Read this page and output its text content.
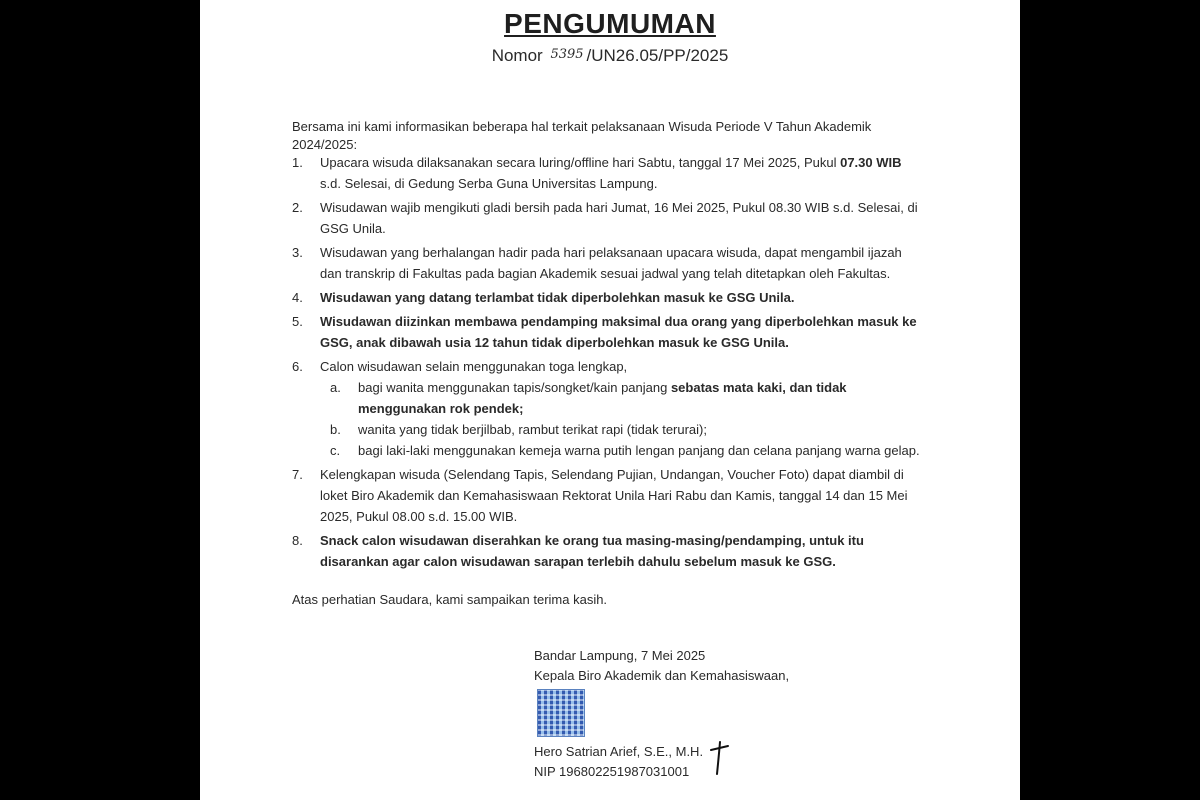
PENGUMUMAN
Nomor 5395 /UN26.05/PP/2025
Bersama ini kami informasikan beberapa hal terkait pelaksanaan Wisuda Periode V Tahun Akademik 2024/2025:
1. Upacara wisuda dilaksanakan secara luring/offline hari Sabtu, tanggal 17 Mei 2025, Pukul 07.30 WIB s.d. Selesai, di Gedung Serba Guna Universitas Lampung.
2. Wisudawan wajib mengikuti gladi bersih pada hari Jumat, 16 Mei 2025, Pukul 08.30 WIB s.d. Selesai, di GSG Unila.
3. Wisudawan yang berhalangan hadir pada hari pelaksanaan upacara wisuda, dapat mengambil ijazah dan transkrip di Fakultas pada bagian Akademik sesuai jadwal yang telah ditetapkan oleh Fakultas.
4. Wisudawan yang datang terlambat tidak diperbolehkan masuk ke GSG Unila.
5. Wisudawan diizinkan membawa pendamping maksimal dua orang yang diperbolehkan masuk ke GSG, anak dibawah usia 12 tahun tidak diperbolehkan masuk ke GSG Unila.
6. Calon wisudawan selain menggunakan toga lengkap,
a. bagi wanita menggunakan tapis/songket/kain panjang sebatas mata kaki, dan tidak menggunakan rok pendek;
b. wanita yang tidak berjilbab, rambut terikat rapi (tidak terurai);
c. bagi laki-laki menggunakan kemeja warna putih lengan panjang dan celana panjang warna gelap.
7. Kelengkapan wisuda (Selendang Tapis, Selendang Pujian, Undangan, Voucher Foto) dapat diambil di loket Biro Akademik dan Kemahasiswaan Rektorat Unila Hari Rabu dan Kamis, tanggal 14 dan 15 Mei 2025, Pukul 08.00 s.d. 15.00 WIB.
8. Snack calon wisudawan diserahkan ke orang tua masing-masing/pendamping, untuk itu disarankan agar calon wisudawan sarapan terlebih dahulu sebelum masuk ke GSG.
Atas perhatian Saudara, kami sampaikan terima kasih.
Bandar Lampung, 7 Mei 2025
Kepala Biro Akademik dan Kemahasiswaan,
Hero Satrian Arief, S.E., M.H.
NIP 196802251987031001
